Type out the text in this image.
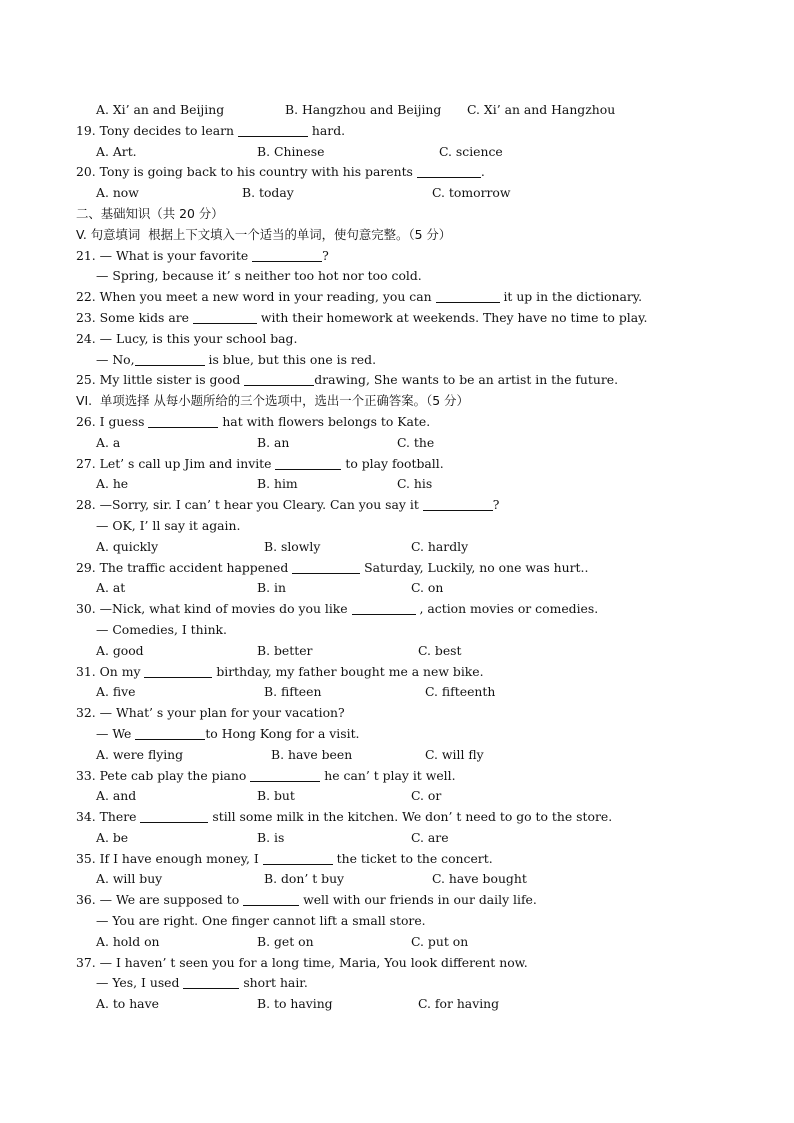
A. Xi’ an and Beijing

	B. Hangzhou and Beijing

C. Xi’ an and Hangzhou

19. Tony decides to learn	hard.

A. Art.

	B. Chinese

	C. science

20. Tony is going back to his country with his parents	.

A. now

	B. today

	C. tomorrow

二、基础知识（共 20 分）
V. 句意填词  根据上下文填入一个适当的单词，使句意完整。（5 分）
21. — What is your favorite	?
— Spring, because it’ s neither too hot nor too cold.
22. When you meet a new word in your reading, you can	it up in the dictionary.
23. Some kids are	with their homework at weekends. They have no time to play.
24. — Lucy, is this your school bag.
— No,	is blue, but this one is red.
25. My little sister is good	drawing, She wants to be an artist in the future.
VI.  单项选择 从每小题所给的三个选项中，选出一个正确答案。（5 分）
26. I guess	hat with flowers belongs to Kate.

A. a

	B. an

	C. the

27. Let’ s call up Jim and invite	to play football.

A. he

	B. him

	C. his

28. —Sorry, sir. I can’ t hear you Cleary. Can you say it	?
— OK, I’ ll say it again.

A. quickly

	B. slowly

	C. hardly

29. The traffic accident happened	Saturday, Luckily, no one was hurt..

A. at

	B. in

	C. on

30. —Nick, what kind of movies do you like	, action movies or comedies.
— Comedies, I think.

A. good

	B. better

	C. best

31. On my	birthday, my father bought me a new bike.

A. five

	B. fifteen

	C. fifteenth

32. — What’ s your plan for your vacation?
— We	to Hong Kong for a visit.

A. were flying

	B. have been

	C. will fly

33. Pete cab play the piano	he can’ t play it well.

A. and

	B. but

	C. or

34. There	still some milk in the kitchen. We don’ t need to go to the store.

A. be

	B. is

	C. are

35. If I have enough money, I	the ticket to the concert.

A. will buy

	B. don’ t buy

	C. have bought

36. — We are supposed to	well with our friends in our daily life.
— You are right. One finger cannot lift a small store.

A. hold on

	B. get on

	C. put on

37. — I haven’ t seen you for a long time, Maria, You look different now.
— Yes, I used	short hair.

A. to have

	B. to having

	C. for having
